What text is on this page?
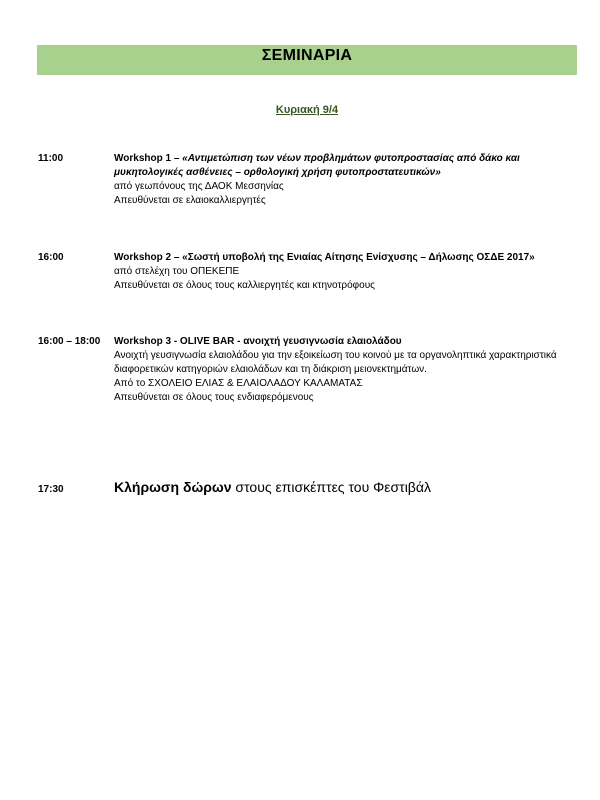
ΣΕΜΙΝΑΡΙΑ
Κυριακή 9/4
11:00	Workshop 1 – «Αντιμετώπιση των νέων προβλημάτων φυτοπροστασίας από δάκο και μυκητολογικές ασθένειες – ορθολογική χρήση φυτοπροστατευτικών»
από γεωπόνους της ΔΑΟΚ Μεσσηνίας
Απευθύνεται σε ελαιοκαλλιεργητές
16:00	Workshop 2 – «Σωστή υποβολή της Ενιαίας Αίτησης Ενίσχυσης – Δήλωσης ΟΣΔΕ 2017»
από στελέχη του ΟΠΕΚΕΠΕ
Απευθύνεται σε όλους τους καλλιεργητές και κτηνοτρόφους
16:00 – 18:00 Workshop 3 - OLIVE BAR - ανοιχτή γευσιγνωσία ελαιολάδου
Ανοιχτή γευσιγνωσία ελαιολάδου για την εξοικείωση του κοινού με τα οργανοληπτικά χαρακτηριστικά διαφορετικών κατηγοριών ελαιολάδων και τη διάκριση μειονεκτημάτων.
Από το ΣΧΟΛΕΙΟ ΕΛΙΑΣ & ΕΛΑΙΟΛΑΔΟΥ ΚΑΛΑΜΑΤΑΣ
Απευθύνεται σε όλους τους ενδιαφερόμενους
17:30	Κλήρωση δώρων στους επισκέπτες του Φεστιβάλ
